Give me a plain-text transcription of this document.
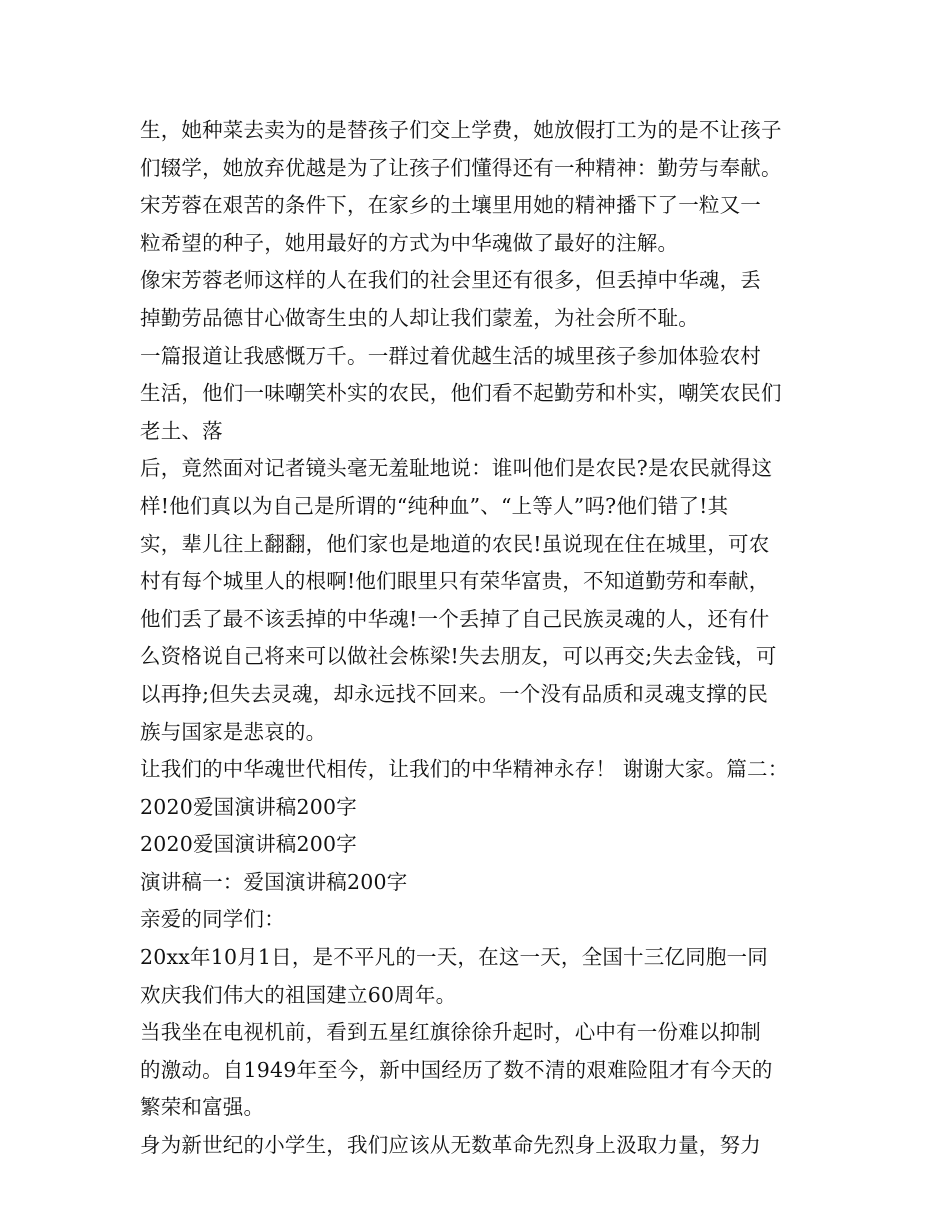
生，她种菜去卖为的是替孩子们交上学费，她放假打工为的是不让孩子
们辍学，她放弃优越是为了让孩子们懂得还有一种精神：勤劳与奉献。
宋芳蓉在艰苦的条件下，在家乡的土壤里用她的精神播下了一粒又一
粒希望的种子，她用最好的方式为中华魂做了最好的注解。
像宋芳蓉老师这样的人在我们的社会里还有很多，但丢掉中华魂，丢
掉勤劳品德甘心做寄生虫的人却让我们蒙羞，为社会所不耻。
一篇报道让我感慨万千。一群过着优越生活的城里孩子参加体验农村
生活，他们一味嘲笑朴实的农民，他们看不起勤劳和朴实，嘲笑农民们
老土、落
后，竟然面对记者镜头毫无羞耻地说：谁叫他们是农民?是农民就得这
样!他们真以为自己是所谓的“纯种血”、“上等人”吗?他们错了!其
实，辈儿往上翻翻，他们家也是地道的农民!虽说现在住在城里，可农
村有每个城里人的根啊!他们眼里只有荣华富贵，不知道勤劳和奉献，
他们丢了最不该丢掉的中华魂!一个丢掉了自己民族灵魂的人，还有什
么资格说自己将来可以做社会栋梁!失去朋友，可以再交;失去金钱，可
以再挣;但失去灵魂，却永远找不回来。一个没有品质和灵魂支撑的民
族与国家是悲哀的。
让我们的中华魂世代相传，让我们的中华精神永存！ 谢谢大家。篇二：
2020爱国演讲稿200字
2020爱国演讲稿200字
演讲稿一：爱国演讲稿200字
亲爱的同学们：
20xx年10月1日，是不平凡的一天，在这一天，全国十三亿同胞一同
欢庆我们伟大的祖国建立60周年。
当我坐在电视机前，看到五星红旗徐徐升起时，心中有一份难以抑制
的激动。自1949年至今，新中国经历了数不清的艰难险阻才有今天的
繁荣和富强。
身为新世纪的小学生，我们应该从无数革命先烈身上汲取力量，努力
